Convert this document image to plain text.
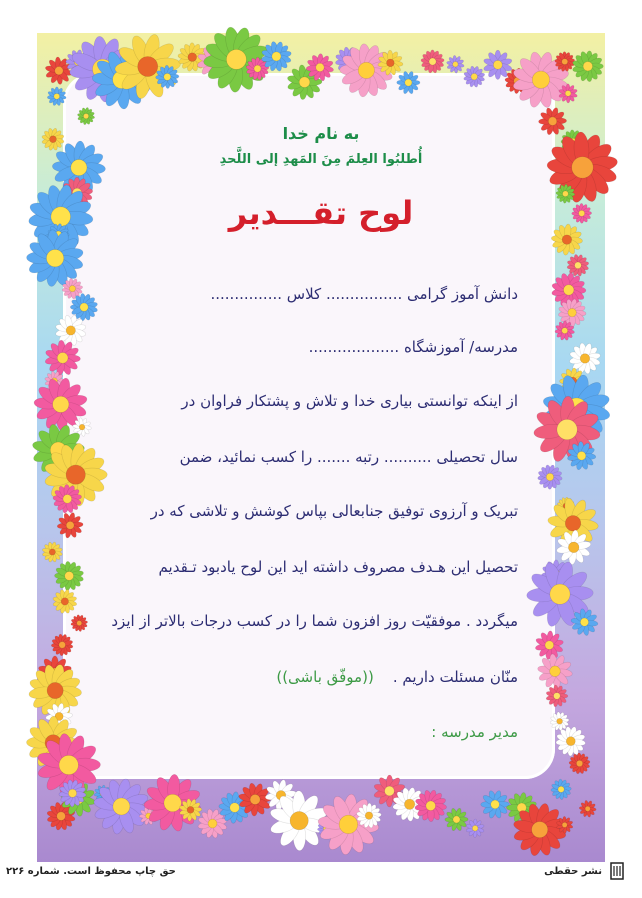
به نام خدا
أُطلبُوا العِلمَ مِنَ المَهدِ إلی اللَّحدِ
لوح تقـــدیر
دانش آموز گرامی ................ کلاس ...............
مدرسه/ آموزشگاه ...................
از اینکه توانستی بیاری خدا و تلاش و پشتکار فراوان در
سال تحصیلی .......... رتبه ....... را کسب نمائید، ضمن
تبریک و آرزوی توفیق جنابعالی بپاس کوشش و تلاشی که در
تحصیل این هـدف مصروف داشته اید این لوح یادبود تـقدیم
میگردد . موفقیّت روز افزون شما را در کسب درجات بالاتر از ایزد
منّان مسئلت داریم .    ((موفّق باشی))
مدیر مدرسه :
حق چاپ محفوظ است. شماره ۲۲۶	نشر حقطی
